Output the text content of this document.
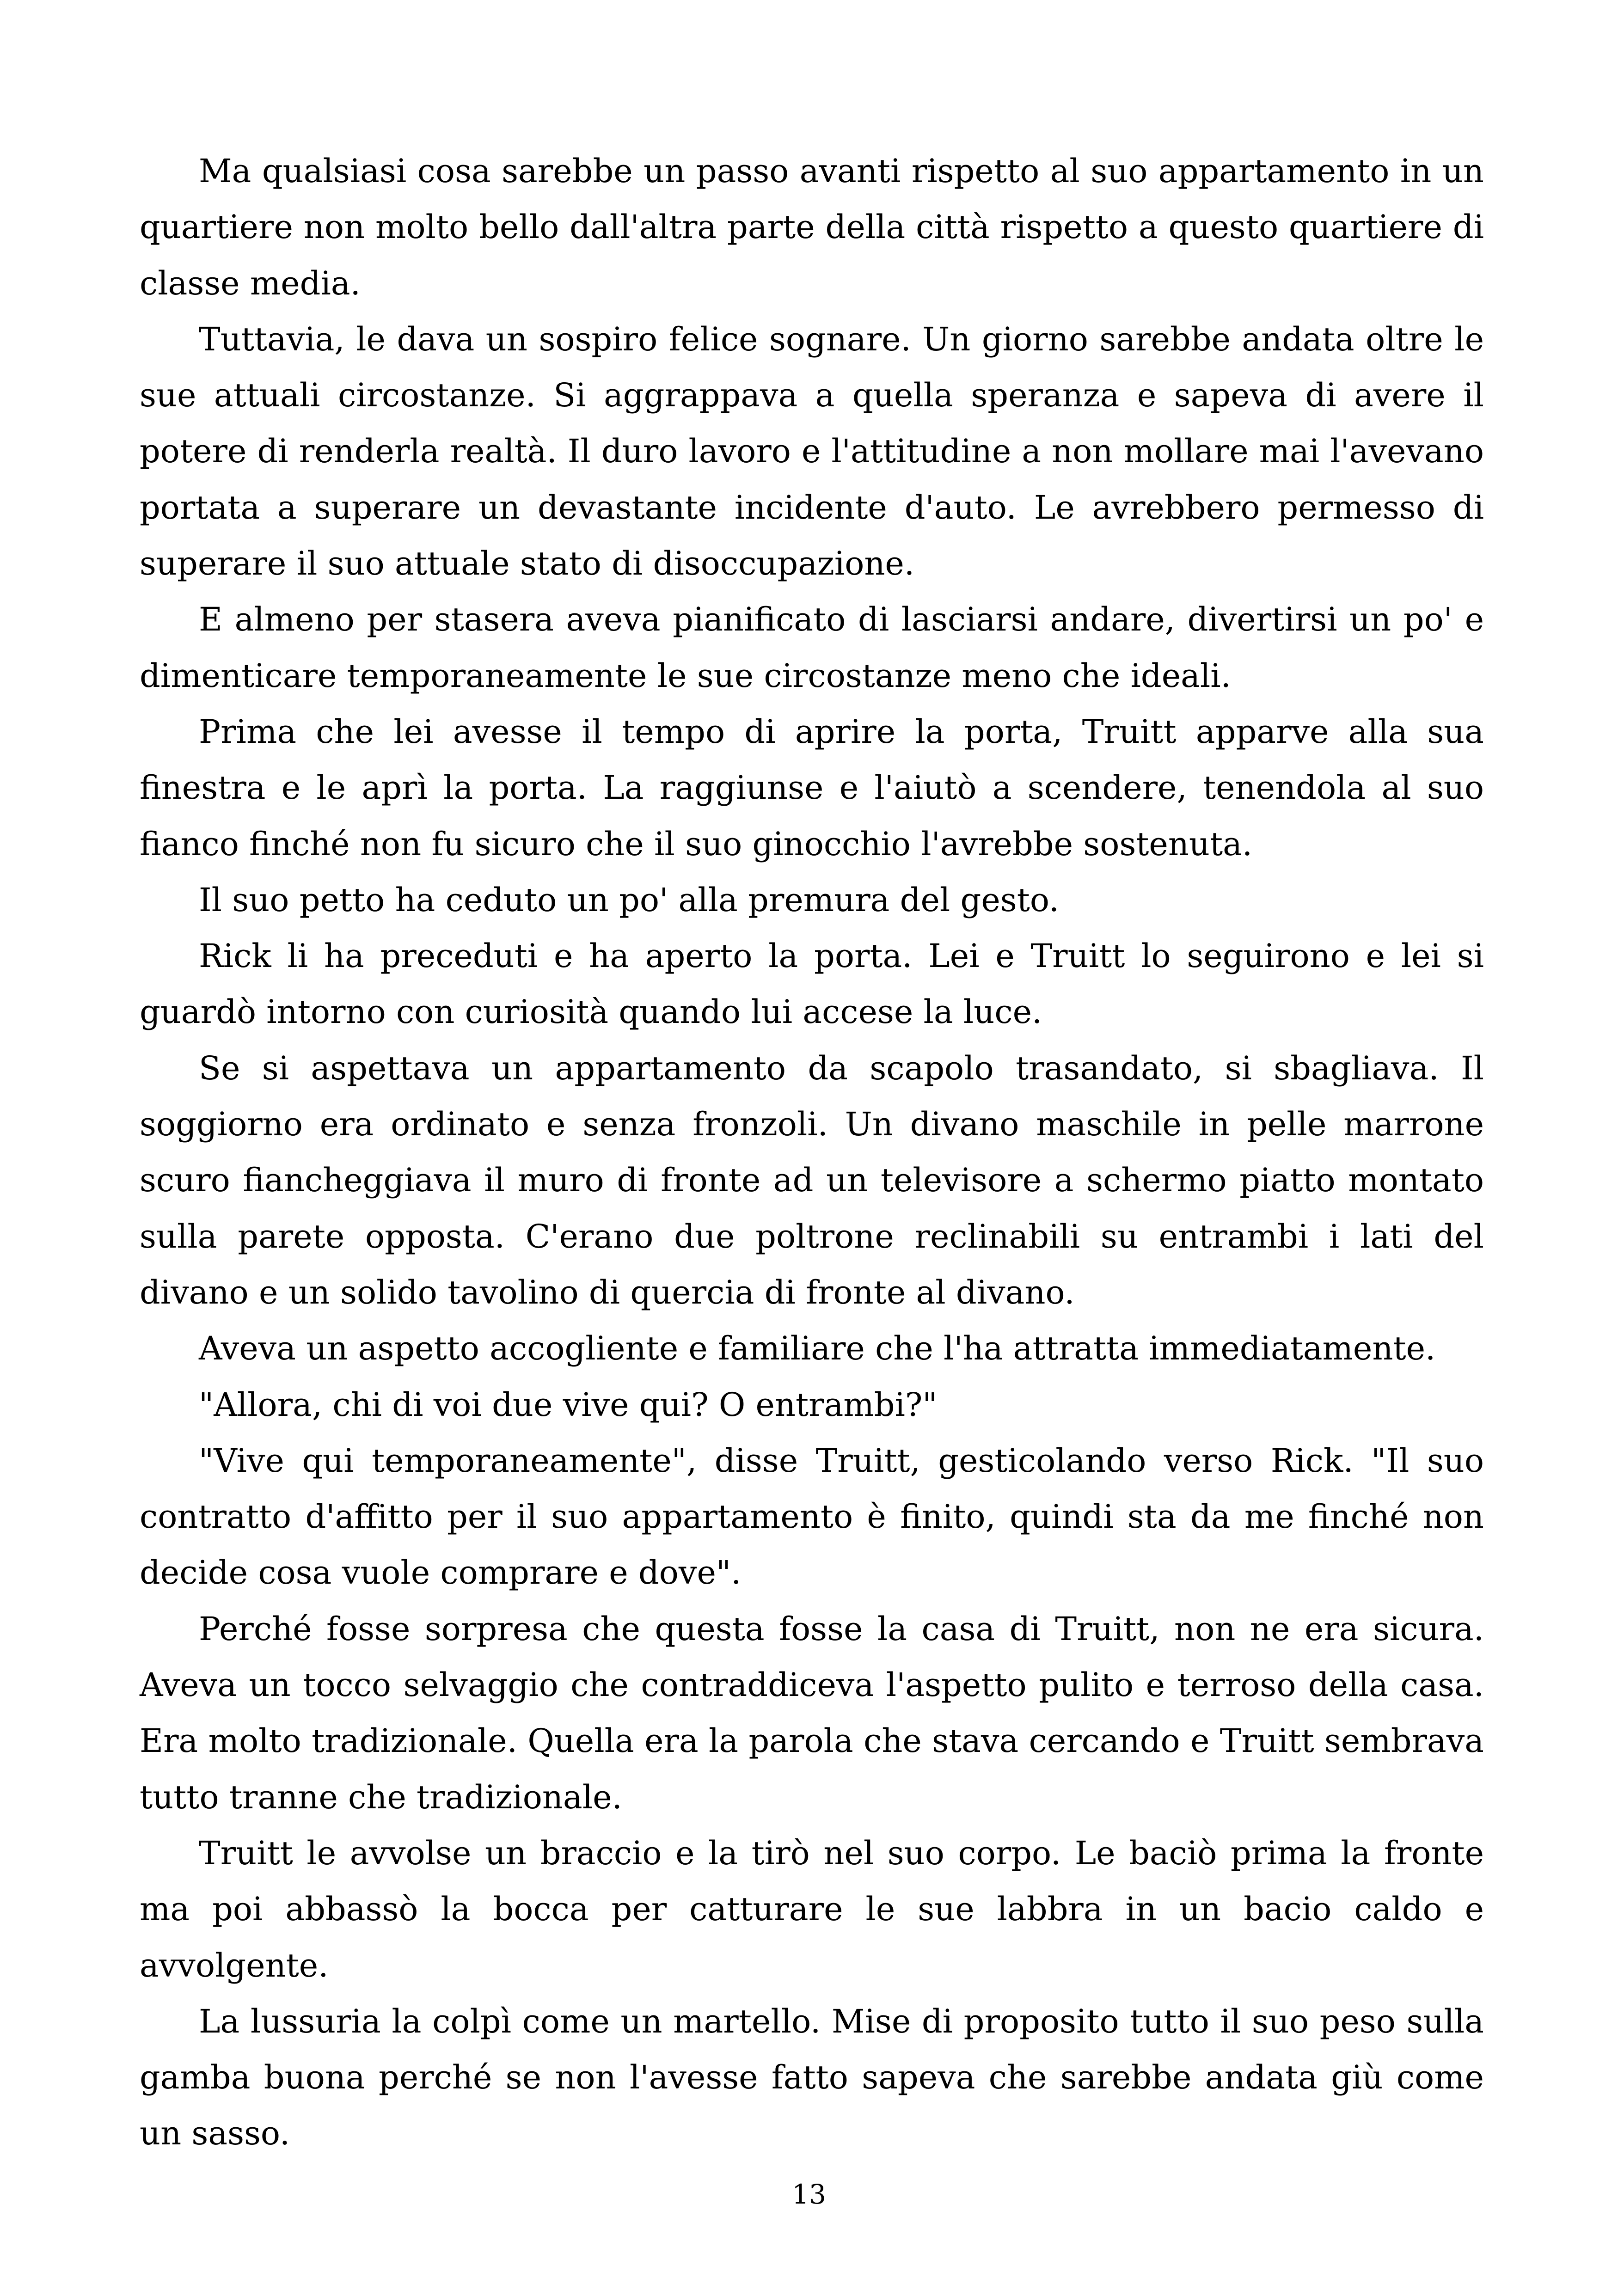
Ma qualsiasi cosa sarebbe un passo avanti rispetto al suo appartamento in un quartiere non molto bello dall'altra parte della città rispetto a questo quartiere di classe media.

Tuttavia, le dava un sospiro felice sognare. Un giorno sarebbe andata oltre le sue attuali circostanze. Si aggrappava a quella speranza e sapeva di avere il potere di renderla realtà. Il duro lavoro e l'attitudine a non mollare mai l'avevano portata a superare un devastante incidente d'auto. Le avrebbero permesso di superare il suo attuale stato di disoccupazione.

E almeno per stasera aveva pianificato di lasciarsi andare, divertirsi un po' e dimenticare temporaneamente le sue circostanze meno che ideali.

Prima che lei avesse il tempo di aprire la porta, Truitt apparve alla sua finestra e le aprì la porta. La raggiunse e l'aiutò a scendere, tenendola al suo fianco finché non fu sicuro che il suo ginocchio l'avrebbe sostenuta.

Il suo petto ha ceduto un po' alla premura del gesto.

Rick li ha preceduti e ha aperto la porta. Lei e Truitt lo seguirono e lei si guardò intorno con curiosità quando lui accese la luce.

Se si aspettava un appartamento da scapolo trasandato, si sbagliava. Il soggiorno era ordinato e senza fronzoli. Un divano maschile in pelle marrone scuro fiancheggiava il muro di fronte ad un televisore a schermo piatto montato sulla parete opposta. C'erano due poltrone reclinabili su entrambi i lati del divano e un solido tavolino di quercia di fronte al divano.

Aveva un aspetto accogliente e familiare che l'ha attratta immediatamente.

"Allora, chi di voi due vive qui? O entrambi?"

"Vive qui temporaneamente", disse Truitt, gesticolando verso Rick. "Il suo contratto d'affitto per il suo appartamento è finito, quindi sta da me finché non decide cosa vuole comprare e dove".

Perché fosse sorpresa che questa fosse la casa di Truitt, non ne era sicura. Aveva un tocco selvaggio che contraddiceva l'aspetto pulito e terroso della casa. Era molto tradizionale. Quella era la parola che stava cercando e Truitt sembrava tutto tranne che tradizionale.

Truitt le avvolse un braccio e la tirò nel suo corpo. Le baciò prima la fronte ma poi abbassò la bocca per catturare le sue labbra in un bacio caldo e avvolgente.

La lussuria la colpì come un martello. Mise di proposito tutto il suo peso sulla gamba buona perché se non l'avesse fatto sapeva che sarebbe andata giù come un sasso.

13
